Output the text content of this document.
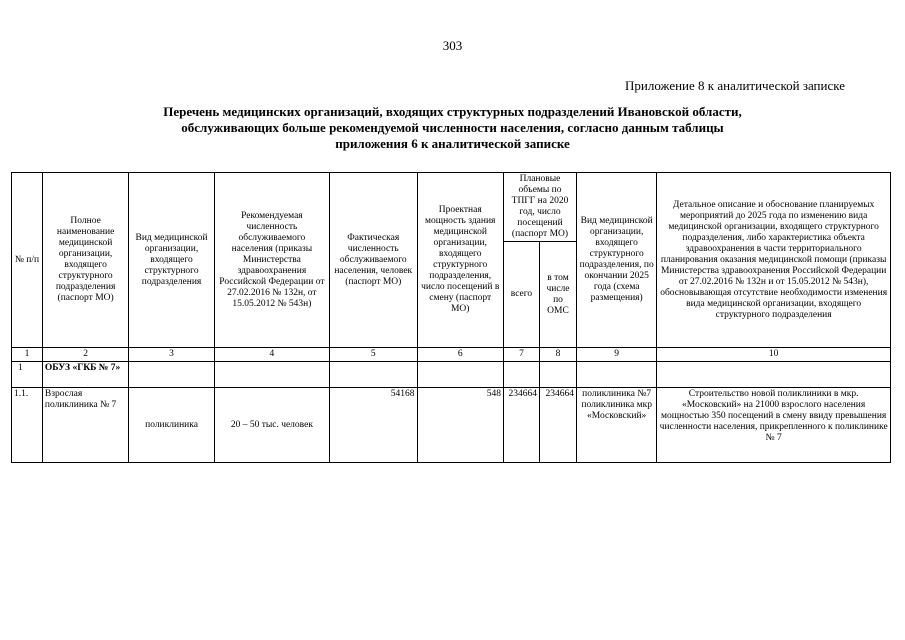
303
Приложение 8 к аналитической записке
Перечень медицинских организаций, входящих структурных подразделений Ивановской области,
обслуживающих больше рекомендуемой численности населения, согласно данным таблицы
приложения 6 к аналитической записке
№ п/п	Полное наименование медицинской организации, входящего структурного подразделения (паспорт МО)	Вид медицинской организации, входящего структурного подразделения	Рекомендуемая численность обслуживаемого населения (приказы Министерства здравоохранения Российской Федерации от 27.02.2016 № 132н, от 15.05.2012 № 543н)	Фактическая численность обслуживаемого населения, человек (паспорт МО)	Проектная мощность здания медицинской организации, входящего структурного подразделения, число посещений в смену (паспорт МО)	Плановые объемы по ТПГГ на 2020 год, число посещений (паспорт МО)		Вид медицинской организации, входящего структурного подразделения, по окончании 2025 года (схема размещения)	Детальное описание и обоснование планируемых мероприятий до 2025 года по изменению вида медицинской организации, входящего структурного подразделения, либо характеристика объекта здравоохранения в части территориального планирования оказания медицинской помощи (приказы Министерства здравоохранения Российской Федерации от 27.02.2016 № 132н и от 15.05.2012 № 543н), обосновывающая отсутствие необходимости изменения вида медицинской организации, входящего структурного подразделения
						всего	в том числе по ОМС		
1	2	3	4	5	6	7	8	9	10
1	ОБУЗ «ГКБ № 7»								
1.1.	Взрослая поликлиника № 7	поликлиника	20 – 50 тыс. человек	54168	548	234664	234664	поликлиника №7 поликлиника мкр «Московский»	Строительство новой поликлиники в мкр. «Московский» на 21000 взрослого населения мощностью 350 посещений в смену ввиду превышения численности населения, прикрепленного к поликлинике № 7
